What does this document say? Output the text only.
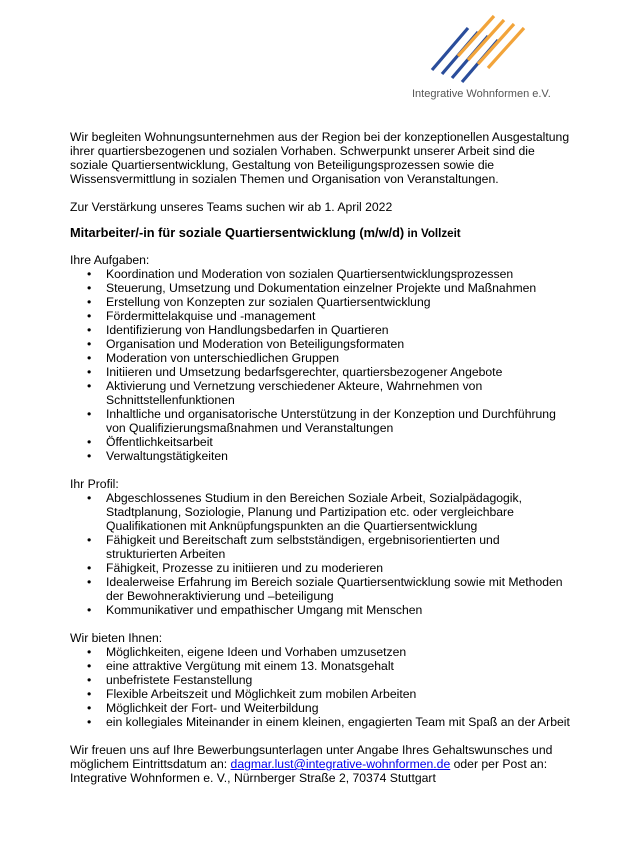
Integrative Wohnformen e.V.

Wir begleiten Wohnungsunternehmen aus der Region bei der konzeptionellen Ausgestaltung ihrer quartiersbezogenen und sozialen Vorhaben. Schwerpunkt unserer Arbeit sind die soziale Quartiersentwicklung, Gestaltung von Beteiligungsprozessen sowie die Wissensvermittlung in sozialen Themen und Organisation von Veranstaltungen.

Zur Verstärkung unseres Teams suchen wir ab 1. April 2022

Mitarbeiter/-in für soziale Quartiersentwicklung (m/w/d) in Vollzeit

Ihre Aufgaben:

• Koordination und Moderation von sozialen Quartiersentwicklungsprozessen
• Steuerung, Umsetzung und Dokumentation einzelner Projekte und Maßnahmen
• Erstellung von Konzepten zur sozialen Quartiersentwicklung
• Fördermittelakquise und -management
• Identifizierung von Handlungsbedarfen in Quartieren
• Organisation und Moderation von Beteiligungsformaten
• Moderation von unterschiedlichen Gruppen
• Initiieren und Umsetzung bedarfsgerechter, quartiersbezogener Angebote
• Aktivierung und Vernetzung verschiedener Akteure, Wahrnehmen von Schnittstellenfunktionen
• Inhaltliche und organisatorische Unterstützung in der Konzeption und Durchführung von Qualifizierungsmaßnahmen und Veranstaltungen
• Öffentlichkeitsarbeit
• Verwaltungstätigkeiten

Ihr Profil:

• Abgeschlossenes Studium in den Bereichen Soziale Arbeit, Sozialpädagogik, Stadtplanung, Soziologie, Planung und Partizipation etc. oder vergleichbare Qualifikationen mit Anknüpfungspunkten an die Quartiersentwicklung
• Fähigkeit und Bereitschaft zum selbstständigen, ergebnisorientierten und strukturierten Arbeiten
• Fähigkeit, Prozesse zu initiieren und zu moderieren
• Idealerweise Erfahrung im Bereich soziale Quartiersentwicklung sowie mit Methoden der Bewohneraktivierung und –beteiligung
• Kommunikativer und empathischer Umgang mit Menschen

Wir bieten Ihnen:

• Möglichkeiten, eigene Ideen und Vorhaben umzusetzen
• eine attraktive Vergütung mit einem 13. Monatsgehalt
• unbefristete Festanstellung
• Flexible Arbeitszeit und Möglichkeit zum mobilen Arbeiten
• Möglichkeit der Fort- und Weiterbildung
• ein kollegiales Miteinander in einem kleinen, engagierten Team mit Spaß an der Arbeit

Wir freuen uns auf Ihre Bewerbungsunterlagen unter Angabe Ihres Gehaltswunsches und möglichem Eintrittsdatum an: dagmar.lust@integrative-wohnformen.de oder per Post an: Integrative Wohnformen e. V., Nürnberger Straße 2, 70374 Stuttgart
